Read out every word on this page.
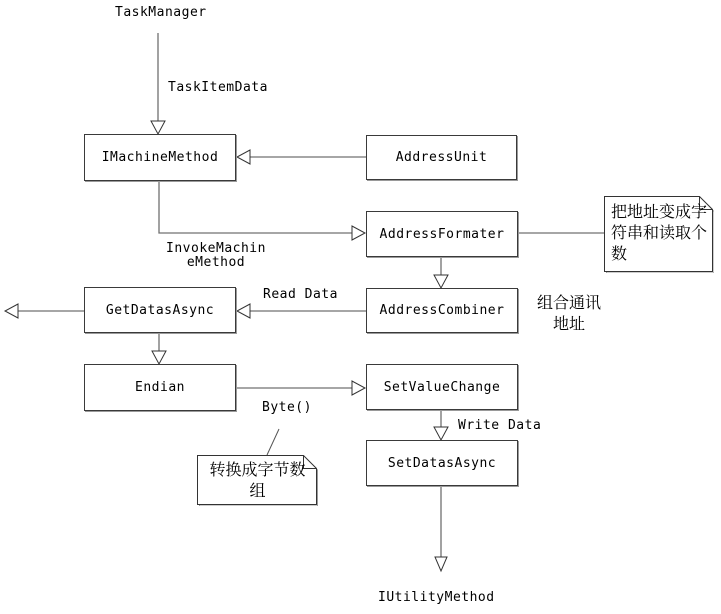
TaskManager
IUtilityMethod
TaskItemData
InvokeMachineMethod
Read Data
Byte()
Write Data
组合通讯地址
IMachineMethod	AddressUnit
AddressFormater
AddressCombiner
GetDatasAsync
Endian	SetValueChange
SetDatasAsync
把地址变成字符串和读取个数
转换成字节数组
